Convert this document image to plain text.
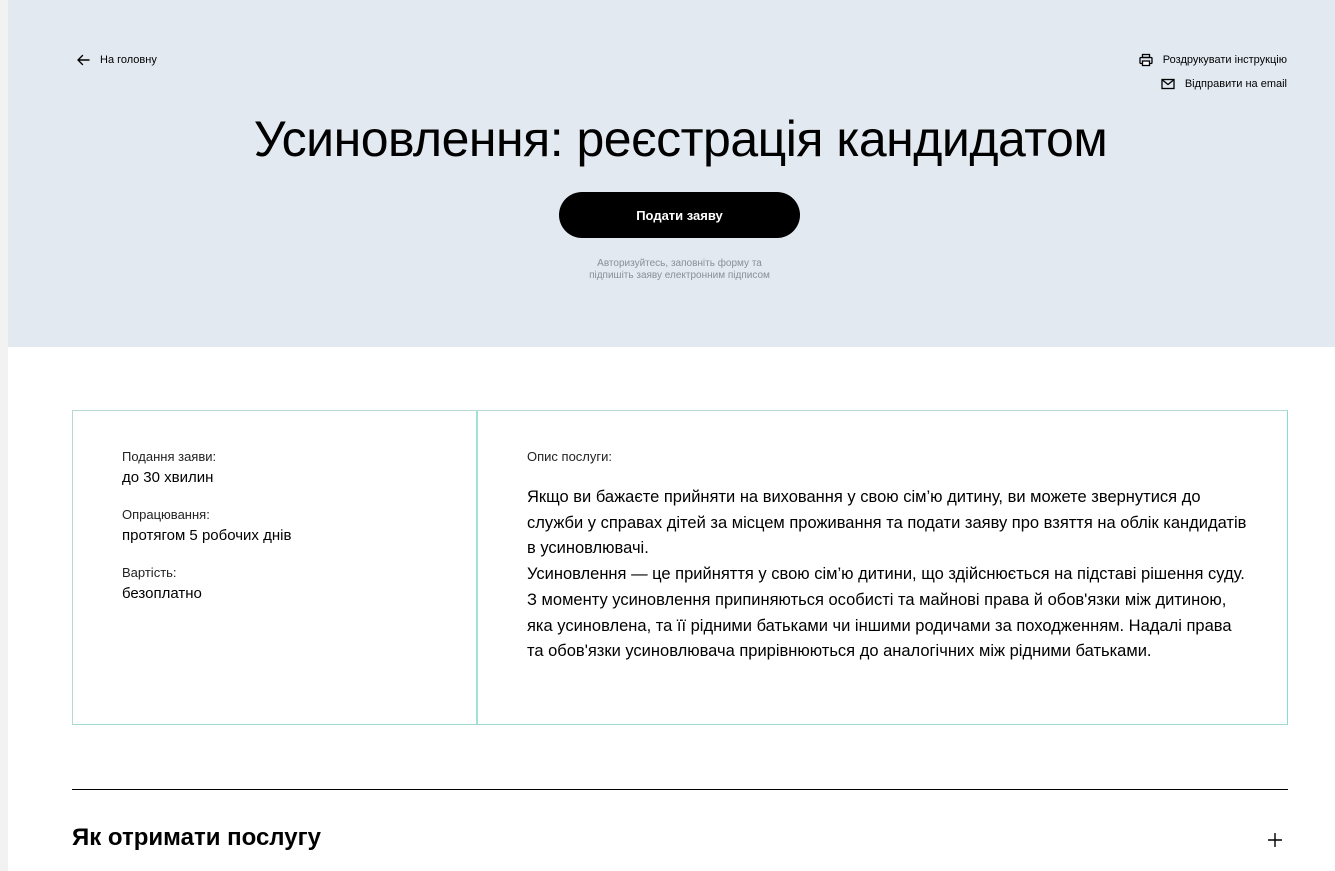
На головну	Роздрукувати інструкцію
Відправити на email
Усиновлення: реєстрація кандидатом
Подати заяву
Авторизуйтесь, заповніть форму та
підпишіть заяву електронним підписом
Подання заяви:
до 30 хвилин
Опрацювання:
протягом 5 робочих днів
Вартість:
безоплатно
Опис послуги:

Якщо ви бажаєте прийняти на виховання у свою сім’ю дитину, ви можете звернутися до служби у справах дітей за місцем проживання та подати заяву про взяття на облік кандидатів в усиновлювачі.

Усиновлення — це прийняття у свою сім’ю дитини, що здійснюється на підставі рішення суду. З моменту усиновлення припиняються особисті та майнові права й обов'язки між дитиною, яка усиновлена, та її рідними батьками чи іншими родичами за походженням. Надалі права та обов'язки усиновлювача прирівнюються до аналогічних між рідними батьками.

Як отримати послугу
